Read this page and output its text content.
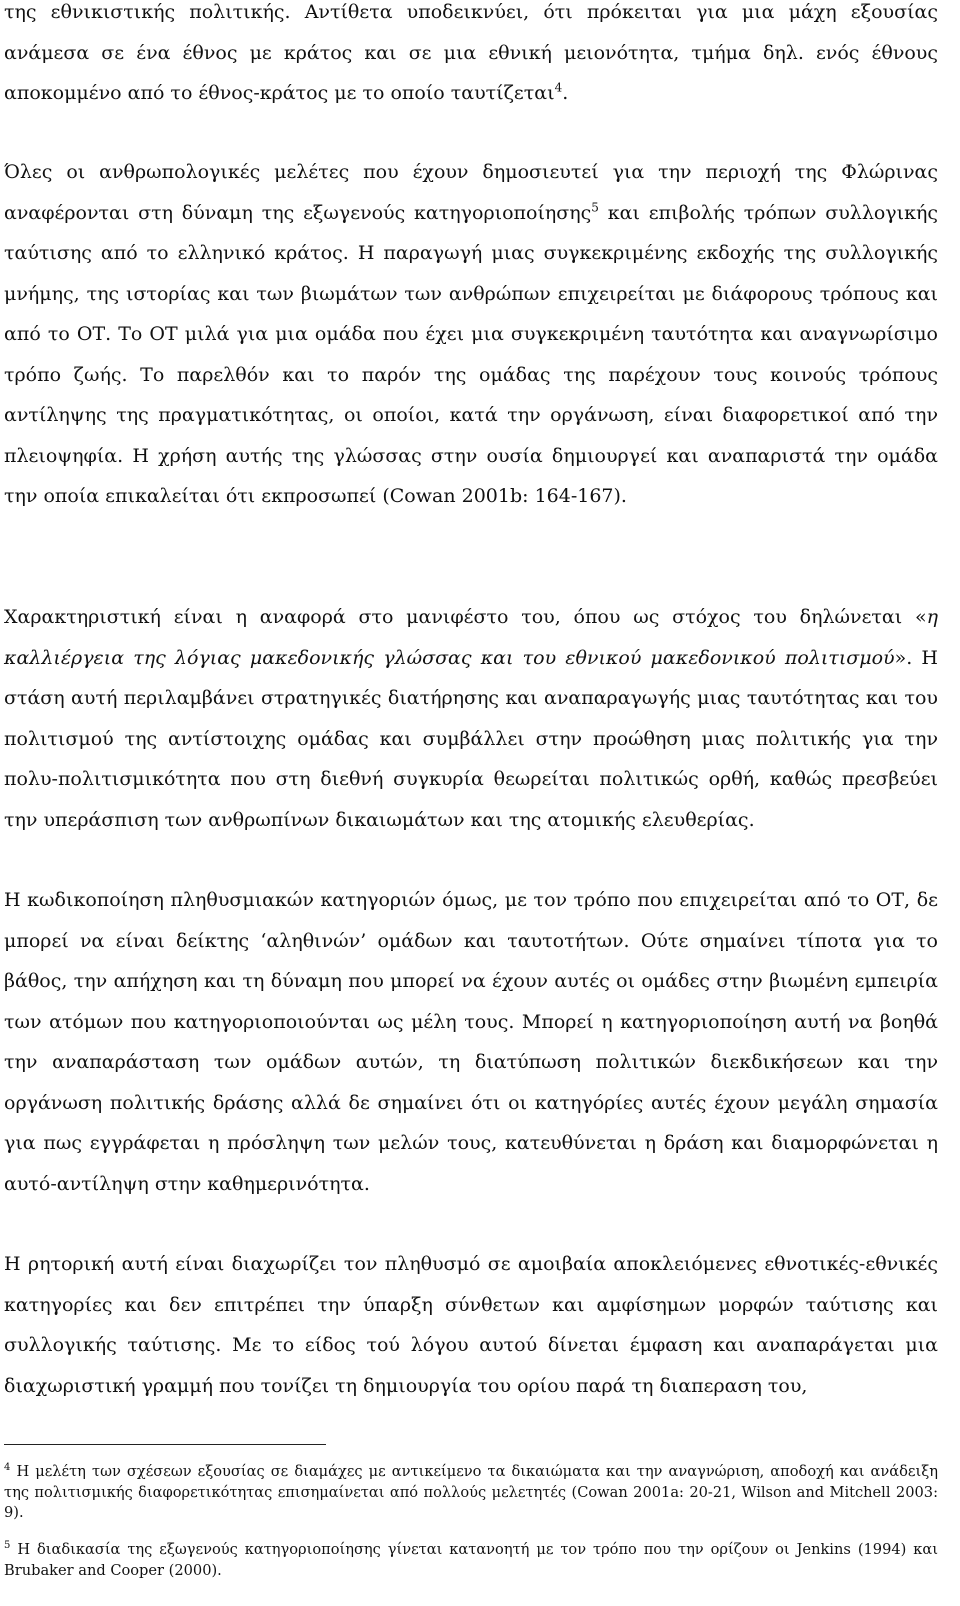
της εθνικιστικής πολιτικής. Αντίθετα υποδεικνύει, ότι πρόκειται για μια μάχη εξουσίας ανάμεσα σε ένα έθνος με κράτος και σε μια εθνική μειονότητα, τμήμα δηλ. ενός έθνους αποκομμένο από το έθνος-κράτος με το οποίο ταυτίζεται$^4$.

Όλες οι ανθρωπολογικές μελέτες που έχουν δημοσιευτεί για την περιοχή της Φλώρινας αναφέρονται στη δύναμη της εξωγενούς κατηγοριοποίησης$^5$ και επιβολής τρόπων συλλογικής ταύτισης από το ελληνικό κράτος. Η παραγωγή μιας συγκεκριμένης εκδοχής της συλλογικής μνήμης, της ιστορίας και των βιωμάτων των ανθρώπων επιχειρείται με διάφορους τρόπους και από το ΟΤ. Το ΟΤ μιλά για μια ομάδα που έχει μια συγκεκριμένη ταυτότητα και αναγνωρίσιμο τρόπο ζωής. Το παρελθόν και το παρόν της ομάδας της παρέχουν τους κοινούς τρόπους αντίληψης της πραγματικότητας, οι οποίοι, κατά την οργάνωση, είναι διαφορετικοί από την πλειοψηφία. Η χρήση αυτής της γλώσσας στην ουσία δημιουργεί και αναπαριστά την ομάδα την οποία επικαλείται ότι εκπροσωπεί (Cowan 2001b: 164-167).

Χαρακτηριστική είναι η αναφορά στο μανιφέστο του, όπου ως στόχος του δηλώνεται «η καλλιέργεια της λόγιας μακεδονικής γλώσσας και του εθνικού μακεδονικού πολιτισμού». Η στάση αυτή περιλαμβάνει στρατηγικές διατήρησης και αναπαραγωγής μιας ταυτότητας και του πολιτισμού της αντίστοιχης ομάδας και συμβάλλει στην προώθηση μιας πολιτικής για την πολυ-πολιτισμικότητα που στη διεθνή συγκυρία θεωρείται πολιτικώς ορθή, καθώς πρεσβεύει την υπεράσπιση των ανθρωπίνων δικαιωμάτων και της ατομικής ελευθερίας.

Η κωδικοποίηση πληθυσμιακών κατηγοριών όμως, με τον τρόπο που επιχειρείται από το ΟΤ, δε μπορεί να είναι δείκτης ‘αληθινών’ ομάδων και ταυτοτήτων. Ούτε σημαίνει τίποτα για το βάθος, την απήχηση και τη δύναμη που μπορεί να έχουν αυτές οι ομάδες στην βιωμένη εμπειρία των ατόμων που κατηγοριοποιούνται ως μέλη τους. Μπορεί η κατηγοριοποίηση αυτή να βοηθά την αναπαράσταση των ομάδων αυτών, τη διατύπωση πολιτικών διεκδικήσεων και την οργάνωση πολιτικής δράσης αλλά δε σημαίνει ότι οι κατηγόρίες αυτές έχουν μεγάλη σημασία για πως εγγράφεται η πρόσληψη των μελών τους, κατευθύνεται η δράση και διαμορφώνεται η αυτό-αντίληψη στην καθημερινότητα.

Η ρητορική αυτή είναι διαχωρίζει τον πληθυσμό σε αμοιβαία αποκλειόμενες εθνοτικές-εθνικές κατηγορίες και δεν επιτρέπει την ύπαρξη σύνθετων και αμφίσημων μορφών ταύτισης και συλλογικής ταύτισης. Με το είδος τού λόγου αυτού δίνεται έμφαση και αναπαράγεται μια διαχωριστική γραμμή που τονίζει τη δημιουργία του ορίου παρά τη διαπεραση του,

$^4$ Η μελέτη των σχέσεων εξουσίας σε διαμάχες με αντικείμενο τα δικαιώματα και την αναγνώριση, αποδοχή και ανάδειξη της πολιτισμικής διαφορετικότητας επισημαίνεται από πολλούς μελετητές (Cowan 2001a: 20-21, Wilson and Mitchell 2003: 9).

$^5$ Η διαδικασία της εξωγενούς κατηγοριοποίησης γίνεται κατανοητή με τον τρόπο που την ορίζουν οι Jenkins (1994) και Brubaker and Cooper (2000).
